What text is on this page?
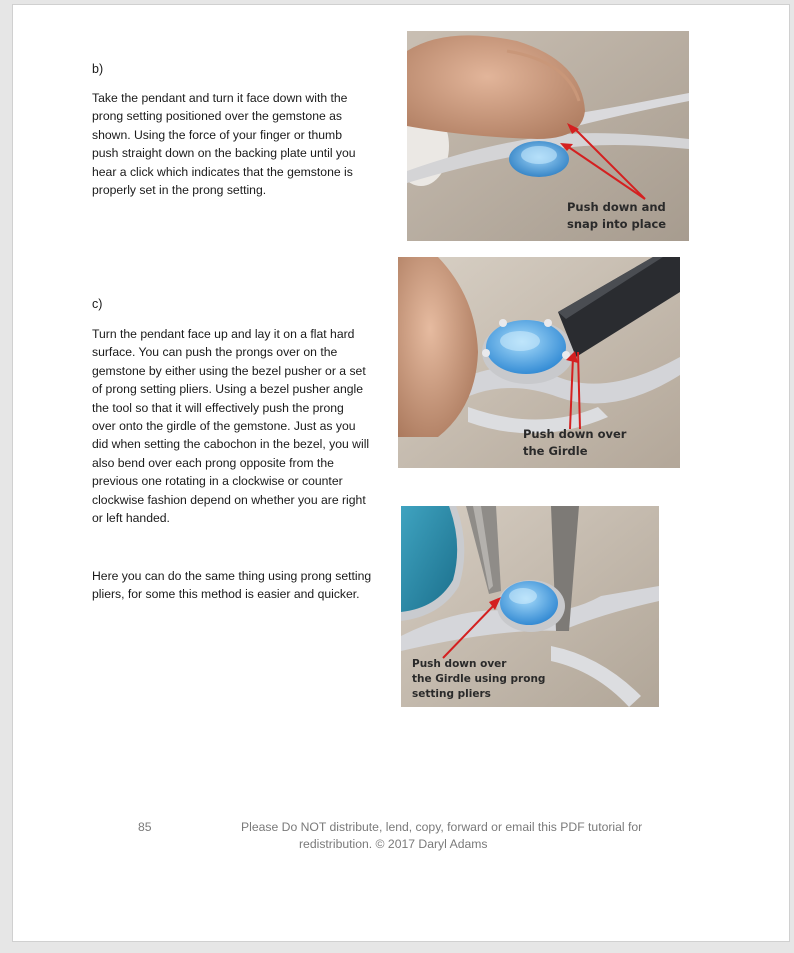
b)
Take the pendant and turn it face down with the
prong setting positioned over the gemstone as
shown. Using the force of your finger or thumb
push straight down on the backing plate until you
hear a click which indicates that the gemstone is
properly set in the prong setting.
Push down and
snap into place
c)
Turn the pendant face up and lay it on a flat hard
surface. You can push the prongs over on the
gemstone by either using the bezel pusher or a set
of prong setting pliers. Using a bezel pusher angle
the tool so that it will effectively push the prong
over onto the girdle of the gemstone. Just as you
did when setting the cabochon in the bezel, you will
also bend over each prong opposite from the
previous one rotating in a clockwise or counter
clockwise fashion depend on whether you are right
or left handed.
Push down over
the Girdle
Here you can do the same thing using prong setting
pliers, for some this method is easier and quicker.
Push down over
the Girdle using prong
setting pliers
85	Please Do NOT distribute, lend, copy, forward or email this PDF tutorial for
redistribution. © 2017 Daryl Adams
